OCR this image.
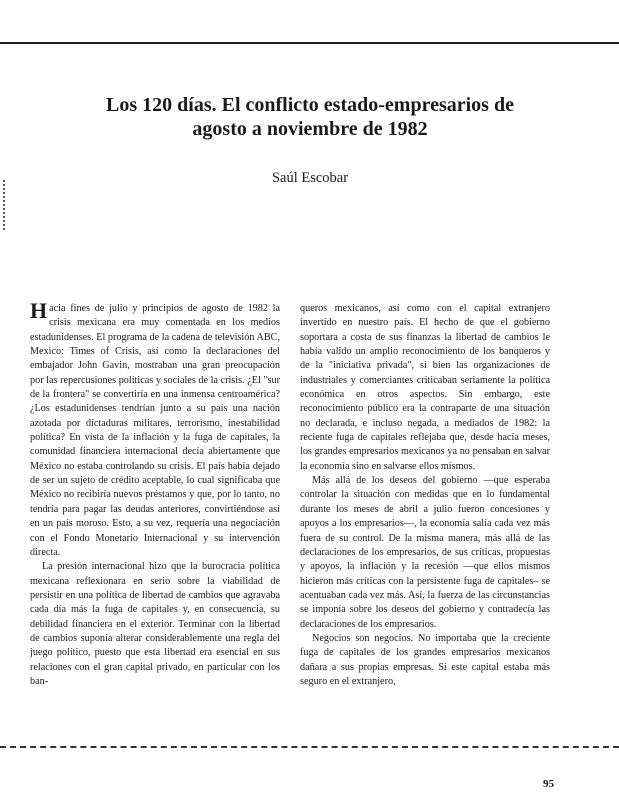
Los 120 días. El conflicto estado-empresarios de
agosto a noviembre de 1982
Saúl Escobar

Hacia fines de julio y principios de agosto de 1982 la crisis mexicana era muy comentada en los medios estadunidenses. El programa de la cadena de televisión ABC, Mexico: Times of Crisis, así como la declaraciones del embajador John Gavin, mostraban una gran preocupación por las repercusiones políticas y sociales de la crisis. ¿El "sur de la frontera" se convertiría en una inmensa centroamérica? ¿Los estadunidenses tendrían junto a su país una nación azotada por dictaduras militares, terrorismo, inestabilidad política? En vista de la inflación y la fuga de capitales, la comunidad financiera internacional decía abiertamente que México no estaba controlando su crisis. El país había dejado de ser un sujeto de crédito aceptable, lo cual significaba que México no recibiría nuevos préstamos y que, por lo tanto, no tendría para pagar las deudas anteriores, convirtiéndose así en un país moroso. Esto, a su vez, requería una negociación con el Fondo Monetario Internacional y su intervención directa.

La presión internacional hizo que la burocracia política mexicana reflexionara en serio sobre la viabilidad de persistir en una política de libertad de cambios que agravaba cada día más la fuga de capitales y, en consecuencia, su debilidad financiera en el exterior. Terminar con la libertad de cambios suponía alterar considerablemente una regla del juego político, puesto que esta libertad era esencial en sus relaciones con el gran capital privado, en particular con los ban-

queros mexicanos, así como con el capital extranjero invertido en nuestro país. El hecho de que el gobierno soportara a costa de sus finanzas la libertad de cambios le había valido un amplio reconocimiento de los banqueros y de la "iniciativa privada", si bien las organizaciones de industriales y comerciantes criticaban seriamente la política económica en otros aspectos. Sin embargo, este reconocimiento público era la contraparte de una situación no declarada, e incluso negada, a mediados de 1982: la reciente fuga de capitales reflejaba que, desde hacía meses, los grandes empresarios mexicanos ya no pensaban en salvar la economía sino en salvarse ellos mismos.

Más allá de los deseos del gobierno —que esperaba controlar la situación con medidas que en lo fundamental durante los meses de abril a julio fueron concesiones y apoyos a los empresarios—, la economía salía cada vez más fuera de su control. De la misma manera, más allá de las declaraciones de los empresarios, de sus críticas, propuestas y apoyos, la inflación y la recesión —que ellos mismos hicieron más críticas con la persistente fuga de capitales– se acentuaban cada vez más. Así, la fuerza de las circunstancias se imponía sobre los deseos del gobierno y contradecía las declaraciones de los empresarios.

Negocios son negocios. No importaba que la creciente fuga de capitales de los grandes empresarios mexicanos dañara a sus propias empresas. Si este capital estaba más seguro en el extranjero,

95
